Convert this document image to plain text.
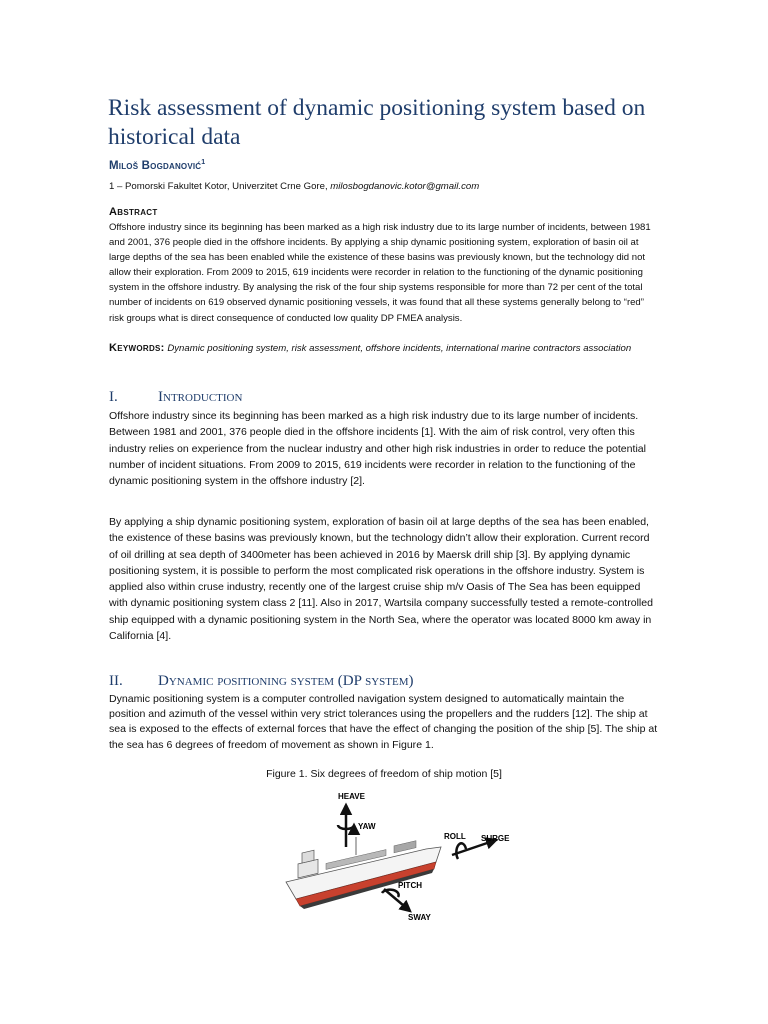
Risk assessment of dynamic positioning system based on historical data
Miloš Bogdanović$^1$
1 – Pomorski Fakultet Kotor, Univerzitet Crne Gore, milosbogdanovic.kotor@gmail.com
Abstract

Offshore industry since its beginning has been marked as a high risk industry due to its large number of incidents, between 1981 and 2001, 376 people died in the offshore incidents. By applying a ship dynamic positioning system, exploration of basin oil at large depths of the sea has been enabled while the existence of these basins was previously known, but the technology did not allow their exploration. From 2009 to 2015, 619 incidents were recorder in relation to the functioning of the dynamic positioning system in the offshore industry. By analysing the risk of the four ship systems responsible for more than 72 per cent of the total number of incidents on 619 observed dynamic positioning vessels, it was found that all these systems generally belong to “red” risk groups what is direct consequence of conducted low quality DP FMEA analysis.

Keywords: Dynamic positioning system, risk assessment, offshore incidents, international marine contractors association

I.	Introduction

Offshore industry since its beginning has been marked as a high risk industry due to its large number of incidents. Between 1981 and 2001, 376 people died in the offshore incidents [1]. With the aim of risk control, very often this industry relies on experience from the nuclear industry and other high risk industries in order to reduce the potential number of incident situations. From 2009 to 2015, 619 incidents were recorder in relation to the functioning of the dynamic positioning system in the offshore industry [2].

By applying a ship dynamic positioning system, exploration of basin oil at large depths of the sea has been enabled, the existence of these basins was previously known, but the technology didn’t allow their exploration. Current record of oil drilling at sea depth of 3400meter has been achieved in 2016 by Maersk drill ship [3]. By applying dynamic positioning system, it is possible to perform the most complicated risk operations in the offshore industry. System is applied also within cruse industry, recently one of the largest cruise ship m/v Oasis of The Sea has been equipped with dynamic positioning system class 2 [11]. Also in 2017, Wartsila company successfully tested a remote-controlled ship equipped with a dynamic positioning system in the North Sea, where the operator was located 8000 km away in California [4].

II. Dynamic positioning system (DP system)

Dynamic positioning system is a computer controlled navigation system designed to automatically maintain the position and azimuth of the vessel within very strict tolerances using the propellers and the rudders [12]. The ship at sea is exposed to the effects of external forces that have the effect of changing the position of the ship [5]. The ship at the sea has 6 degrees of freedom of movement as shown in Figure 1.

Figure 1. Six degrees of freedom of ship motion [5]
HEAVE
YAW
ROLL SURGE
PITCH
SWAY
